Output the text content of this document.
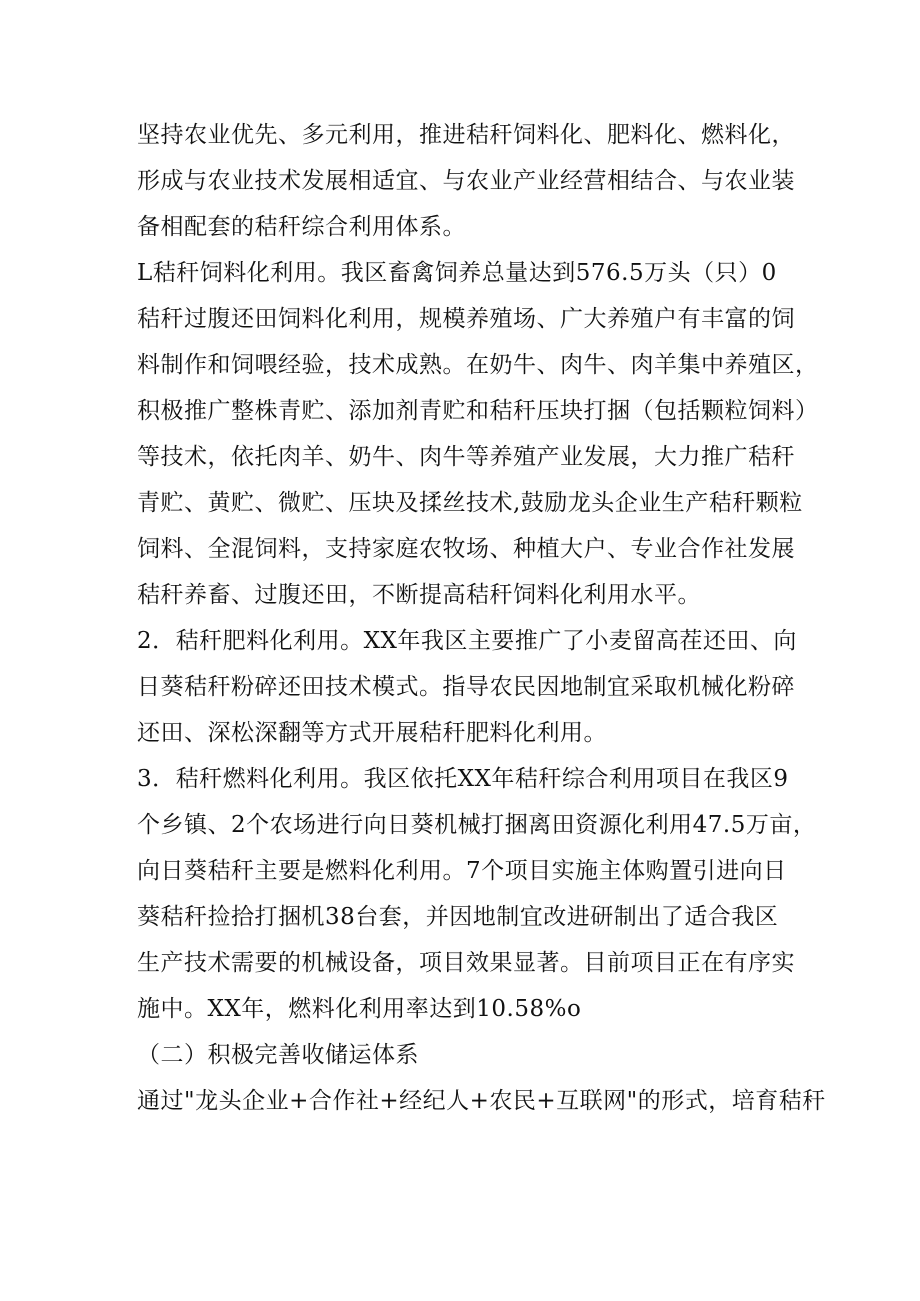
坚持农业优先、多元利用，推进秸秆饲料化、肥料化、燃料化，
形成与农业技术发展相适宜、与农业产业经营相结合、与农业装
备相配套的秸秆综合利用体系。
L秸秆饲料化利用。我区畜禽饲养总量达到576.5万头（只）0
秸秆过腹还田饲料化利用，规模养殖场、广大养殖户有丰富的饲
料制作和饲喂经验，技术成熟。在奶牛、肉牛、肉羊集中养殖区，
积极推广整株青贮、添加剂青贮和秸秆压块打捆（包括颗粒饲料）
等技术，依托肉羊、奶牛、肉牛等养殖产业发展，大力推广秸秆
青贮、黄贮、微贮、压块及揉丝技术,鼓励龙头企业生产秸秆颗粒
饲料、全混饲料，支持家庭农牧场、种植大户、专业合作社发展
秸秆养畜、过腹还田，不断提高秸秆饲料化利用水平。
2．秸秆肥料化利用。XX年我区主要推广了小麦留高茬还田、向
日葵秸秆粉碎还田技术模式。指导农民因地制宜采取机械化粉碎
还田、深松深翻等方式开展秸秆肥料化利用。
3．秸秆燃料化利用。我区依托XX年秸秆综合利用项目在我区9
个乡镇、2个农场进行向日葵机械打捆离田资源化利用47.5万亩，
向日葵秸秆主要是燃料化利用。7个项目实施主体购置引进向日
葵秸秆捡拾打捆机38台套，并因地制宜改进研制出了适合我区
生产技术需要的机械设备，项目效果显著。目前项目正在有序实
施中。XX年，燃料化利用率达到10.58%o
（二）积极完善收储运体系
通过"龙头企业+合作社+经纪人+农民+互联网"的形式，培育秸秆
